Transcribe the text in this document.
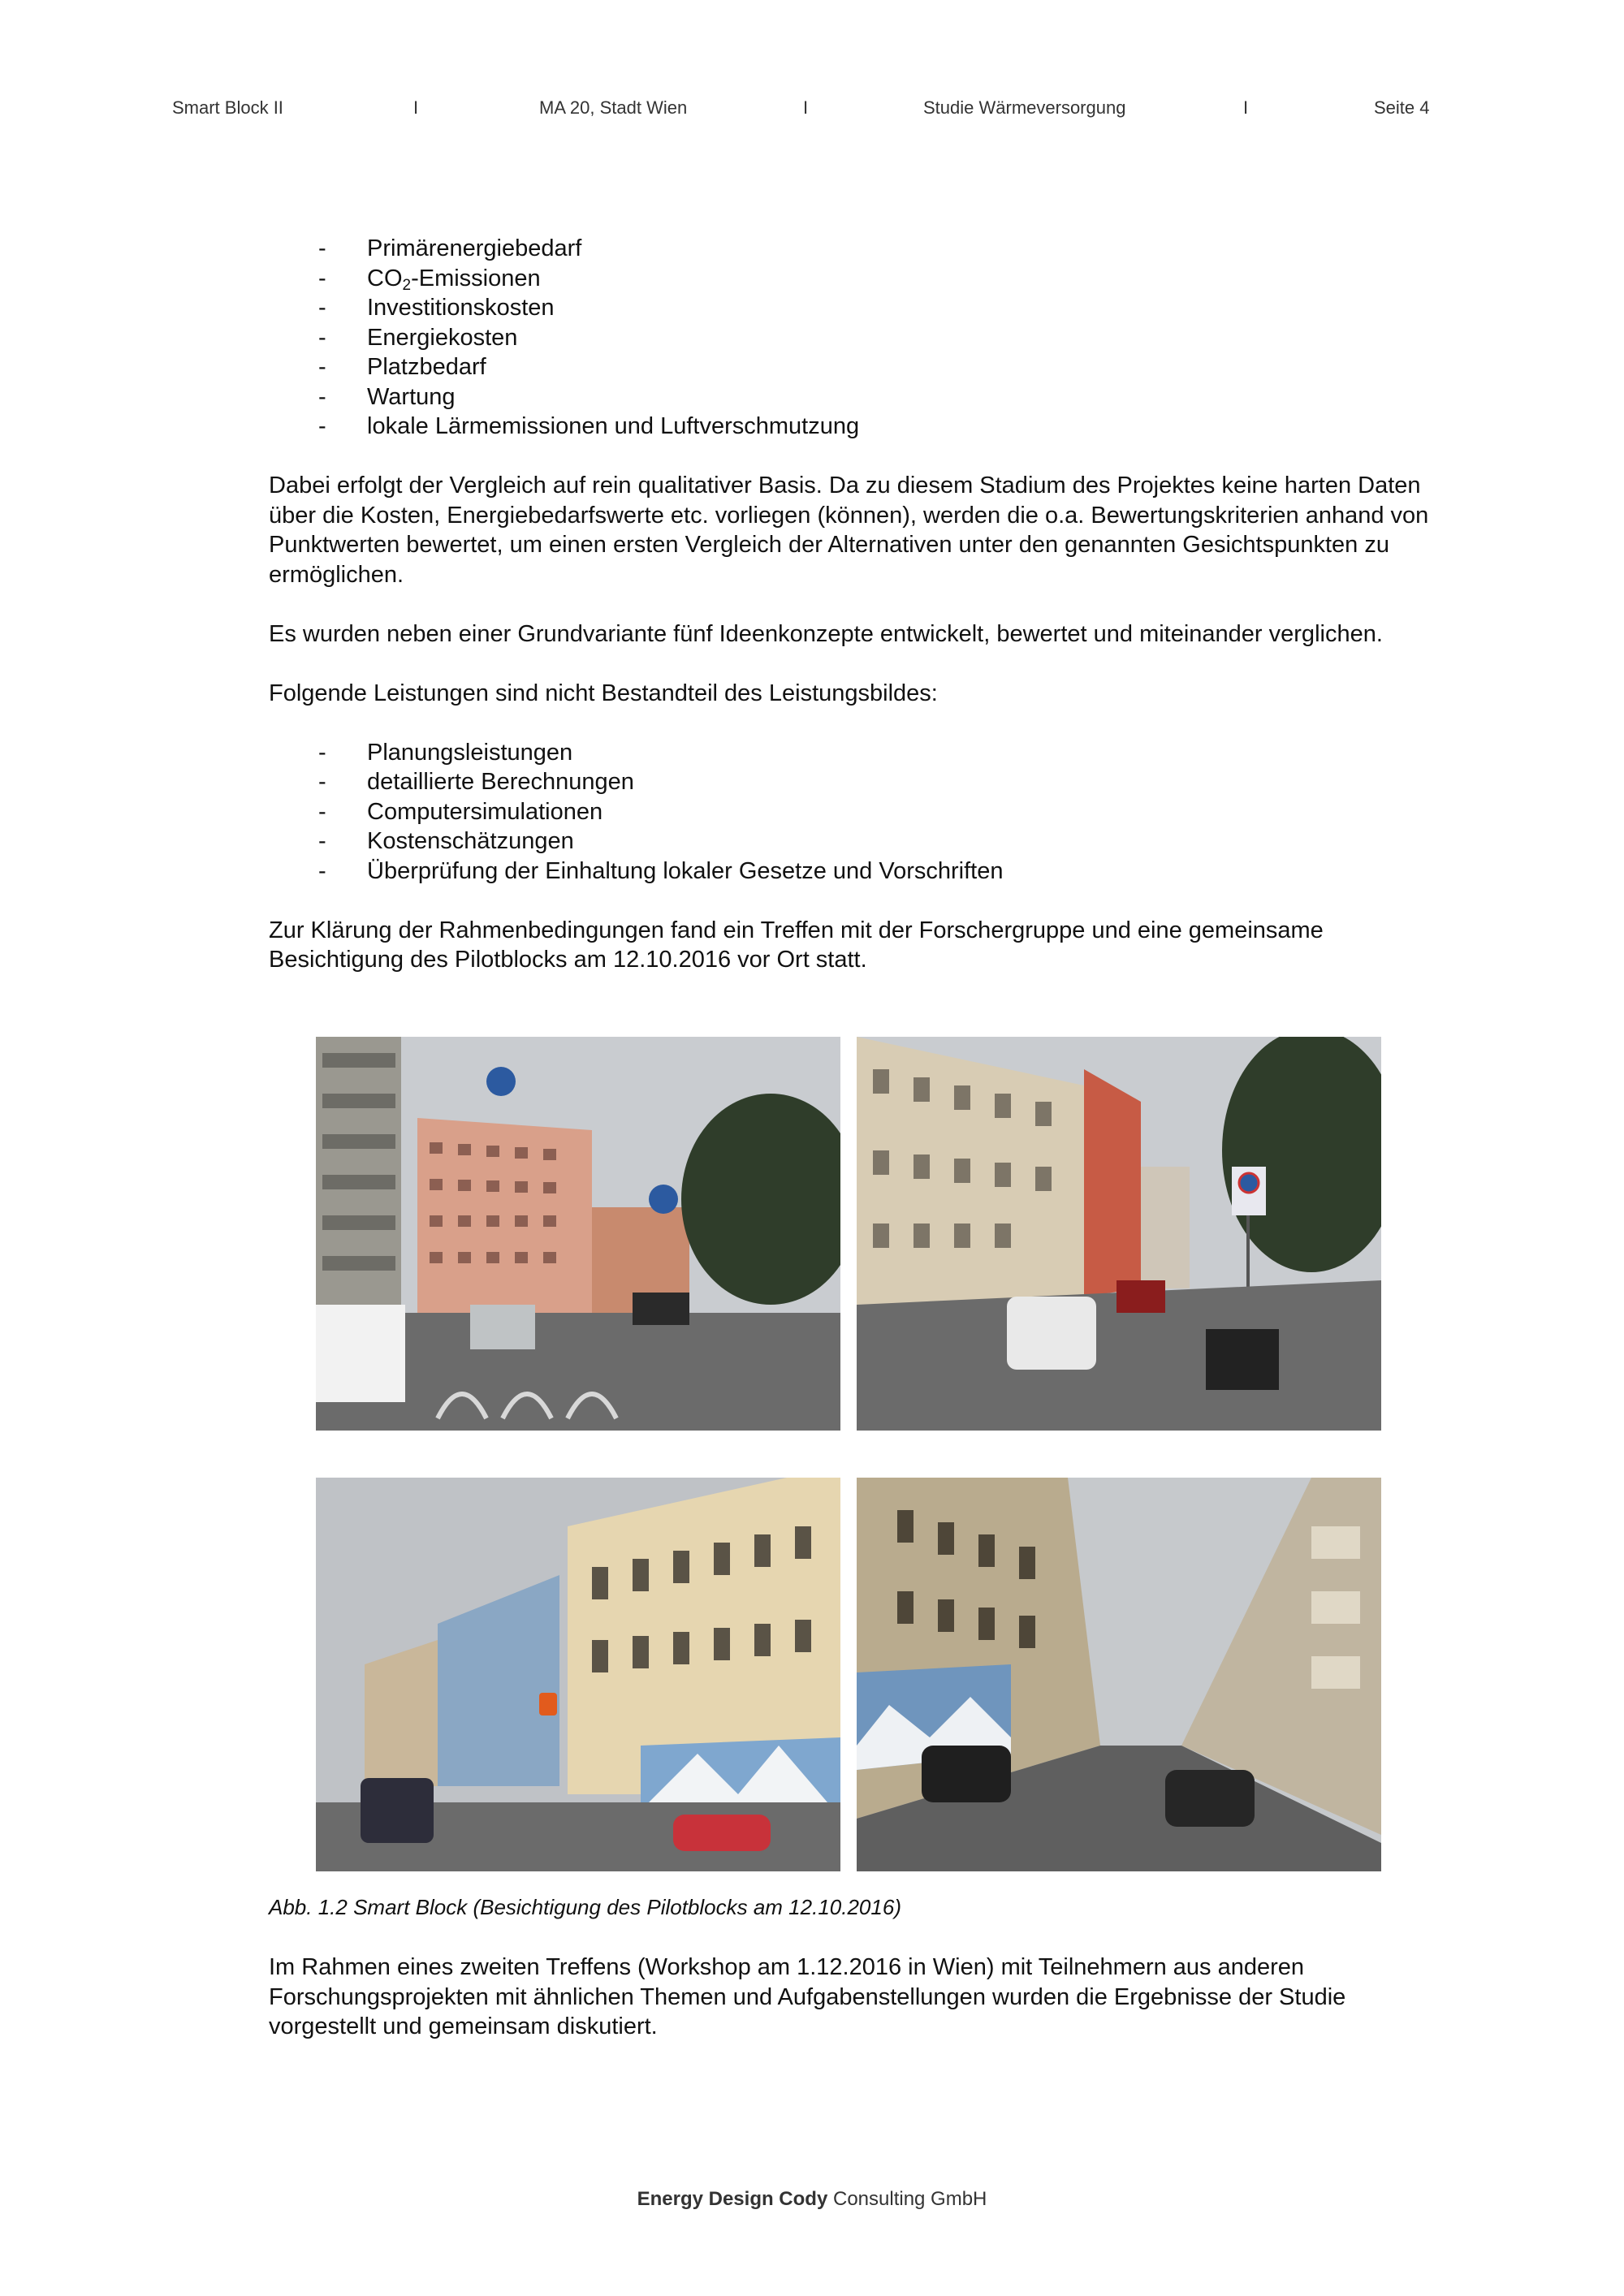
Smart Block II	I	MA 20, Stadt Wien	I	Studie Wärmeversorgung	I	Seite 4
- Primärenergiebedarf
- $CO_2$-Emissionen
- Investitionskosten
- Energiekosten
- Platzbedarf
- Wartung
- lokale Lärmemissionen und Luftverschmutzung

Dabei erfolgt der Vergleich auf rein qualitativer Basis. Da zu diesem Stadium des Projektes keine harten Daten über die Kosten, Energiebedarfswerte etc. vorliegen (können), werden die o.a. Bewertungskriterien anhand von Punktwerten bewertet, um einen ersten Vergleich der Alternativen unter den genannten Gesichtspunkten zu ermöglichen.

Es wurden neben einer Grundvariante fünf Ideenkonzepte entwickelt, bewertet und miteinander verglichen.

Folgende Leistungen sind nicht Bestandteil des Leistungsbildes:

- Planungsleistungen
- detaillierte Berechnungen
- Computersimulationen
- Kostenschätzungen
- Überprüfung der Einhaltung lokaler Gesetze und Vorschriften

Zur Klärung der Rahmenbedingungen fand ein Treffen mit der Forschergruppe und eine gemeinsame Besichtigung des Pilotblocks am 12.10.2016 vor Ort statt.

Abb. 1.2 Smart Block (Besichtigung des Pilotblocks am 12.10.2016)

Im Rahmen eines zweiten Treffens (Workshop am 1.12.2016 in Wien) mit Teilnehmern aus anderen Forschungsprojekten mit ähnlichen Themen und Aufgabenstellungen wurden die Ergebnisse der Studie vorgestellt und gemeinsam diskutiert.

Energy Design Cody Consulting GmbH
